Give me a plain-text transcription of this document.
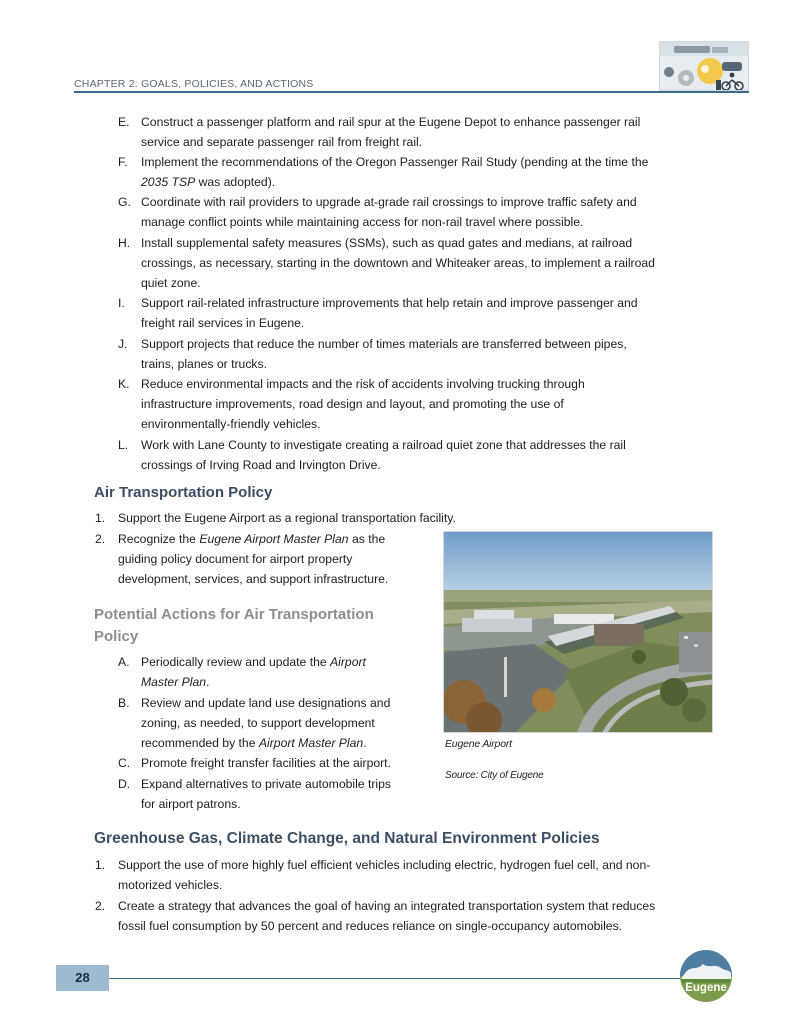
CHAPTER 2: GOALS, POLICIES, AND ACTIONS
E. Construct a passenger platform and rail spur at the Eugene Depot to enhance passenger rail
service and separate passenger rail from freight rail.
F. Implement the recommendations of the Oregon Passenger Rail Study (pending at the time the
2035 TSP was adopted).
G. Coordinate with rail providers to upgrade at-grade rail crossings to improve traffic safety and
manage conflict points while maintaining access for non-rail travel where possible.
H. Install supplemental safety measures (SSMs), such as quad gates and medians, at railroad
crossings, as necessary, starting in the downtown and Whiteaker areas, to implement a railroad
quiet zone.
I. Support rail-related infrastructure improvements that help retain and improve passenger and
freight rail services in Eugene.
J. Support projects that reduce the number of times materials are transferred between pipes,
trains, planes or trucks.
K. Reduce environmental impacts and the risk of accidents involving trucking through
infrastructure improvements, road design and layout, and promoting the use of
environmentally-friendly vehicles.
L. Work with Lane County to investigate creating a railroad quiet zone that addresses the rail
crossings of Irving Road and Irvington Drive.
Air Transportation Policy
1. Support the Eugene Airport as a regional transportation facility.
2. Recognize the Eugene Airport Master Plan as the
guiding policy document for airport property
development, services, and support infrastructure.
Potential Actions for Air Transportation
Policy
A. Periodically review and update the Airport
Master Plan.
B. Review and update land use designations and
zoning, as needed, to support development
recommended by the Airport Master Plan.
C. Promote freight transfer facilities at the airport.
D. Expand alternatives to private automobile trips
for airport patrons.
Eugene Airport
Source: City of Eugene
Greenhouse Gas, Climate Change, and Natural Environment Policies
1. Support the use of more highly fuel efficient vehicles including electric, hydrogen fuel cell, and non-
motorized vehicles.
2. Create a strategy that advances the goal of having an integrated transportation system that reduces
fossil fuel consumption by 50 percent and reduces reliance on single-occupancy automobiles.
28
Eugene
